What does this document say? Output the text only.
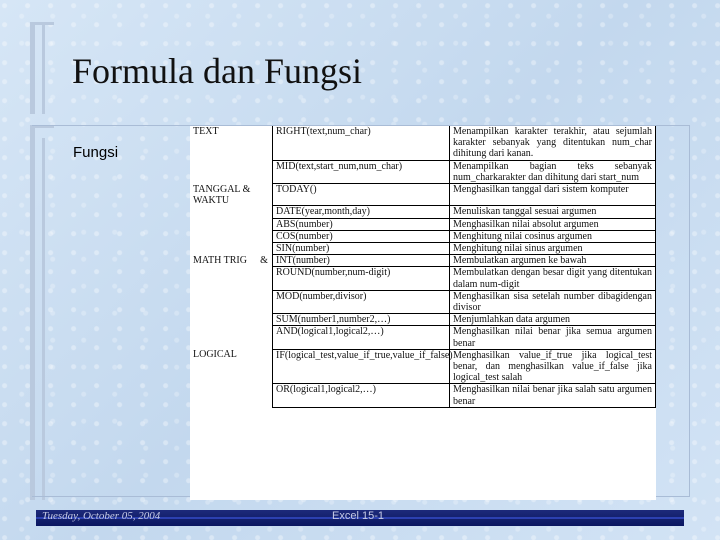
Formula dan Fungsi
Fungsi
TEXT		RIGHT(text,num_char)	Menampilkan karakter terakhir, atau sejumlah karakter sebanyak yang ditentukan num_char dihitung dari kanan.
		MID(text,start_num,num_char)	Menampilkan bagian teks sebanyak num_charkarakter dan dihitung dari start_num
TANGGAL & WAKTU		TODAY()	Menghasilkan tanggal dari sistem komputer
		DATE(year,month,day)	Menuliskan tanggal sesuai argumen
		ABS(number)	Menghasilkan nilai absolut argumen
		COS(number)	Menghitung nilai cosinus argumen
		SIN(number)	Menghitung nilai sinus argumen
MATH TRIG	&	INT(number)	Membulatkan argumen ke bawah
		ROUND(number,num-digit)	Membulatkan dengan besar digit yang ditentukan dalam num-digit
		MOD(number,divisor)	Menghasilkan sisa setelah number dibagidengan divisor
		SUM(number1,number2,…)	Menjumlahkan data argumen
		AND(logical1,logical2,…)	Menghasilkan nilai benar jika semua argumen benar
LOGICAL		IF(logical_test,value_if_true,value_if_false)	Menghasilkan value_if_true jika logical_test benar, dan menghasilkan value_if_false jika logical_test salah
		OR(logical1,logical2,…)	Menghasilkan nilai benar jika salah satu argumen benar
Tuesday, October 05, 2004	Excel 15-1
